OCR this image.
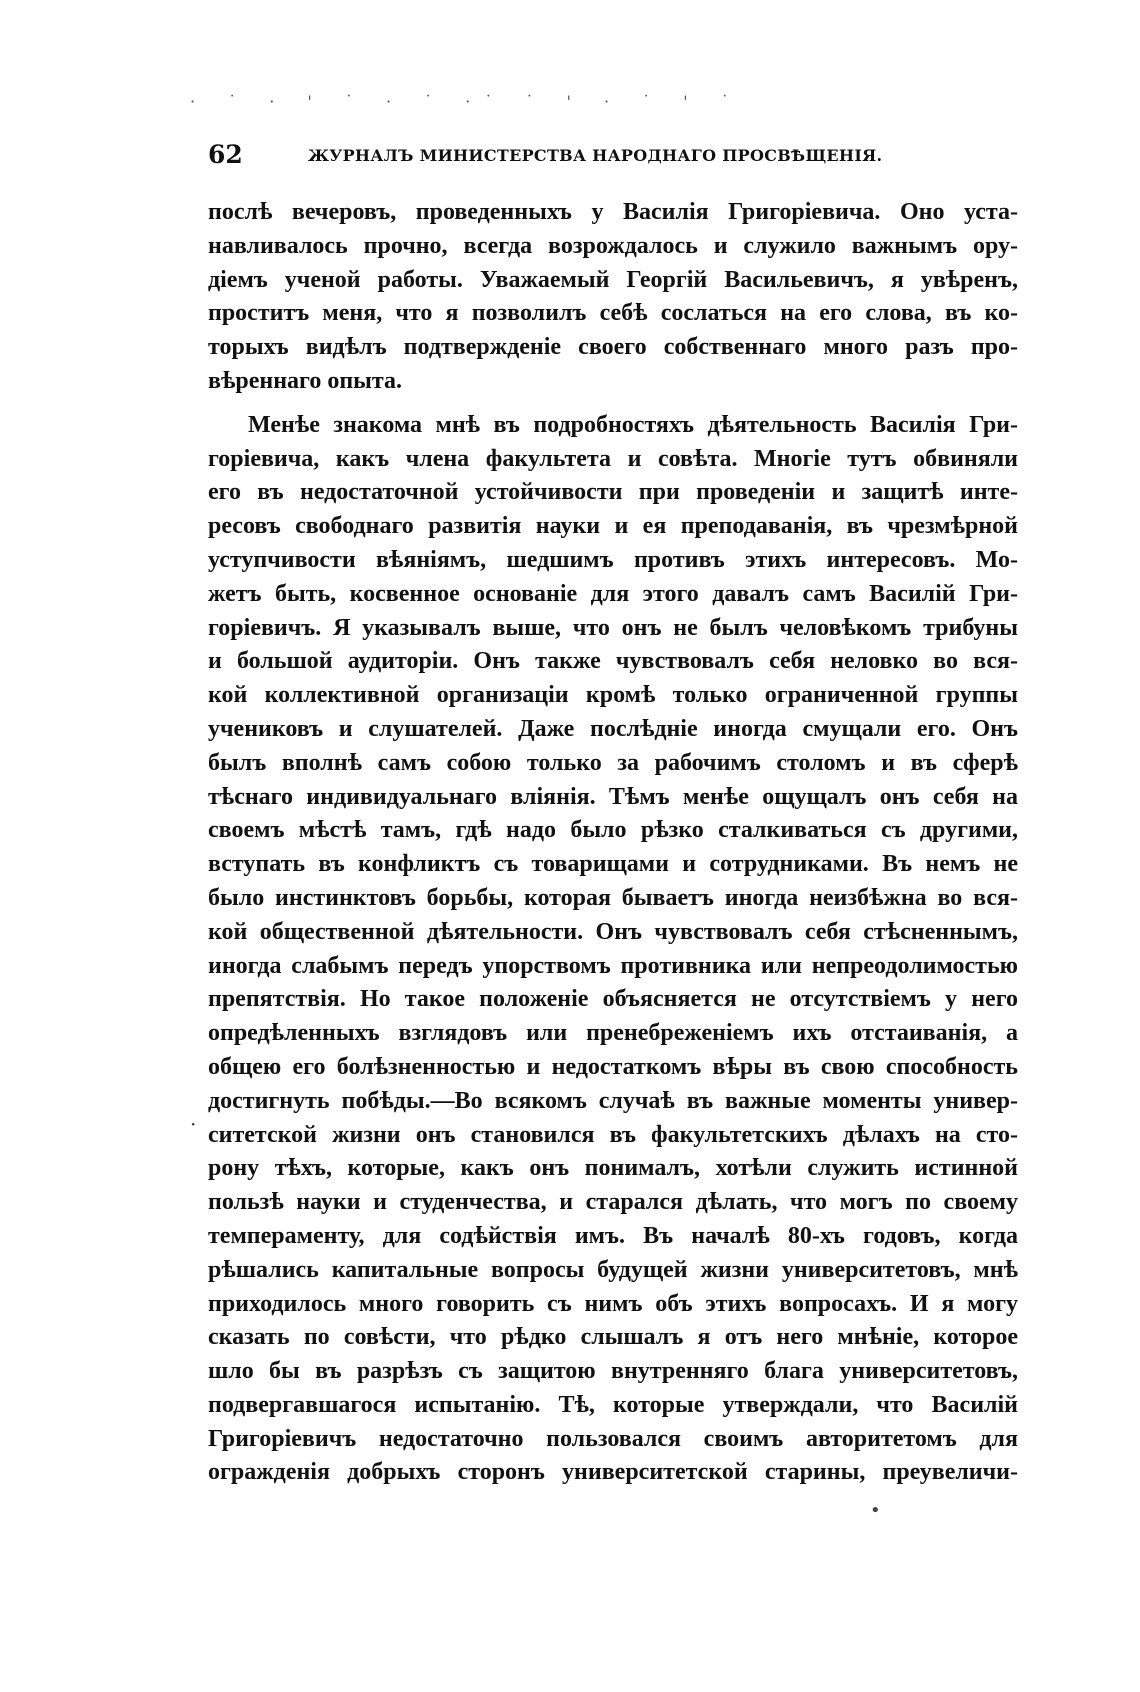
· ˙ · ' ˙ · ˙ ·˙ ˙ ' · ˙ ' ˙
62	ЖУРНАЛЪ МИНИСТЕРСТВА НАРОДНАГО ПРОСВѢЩЕНІЯ.
послѣ вечеровъ, проведенныхъ у Василія Григоріевича. Оно уста-
навливалось прочно, всегда возрождалось и служило важнымъ ору-
діемъ ученой работы. Уважаемый Георгій Васильевичъ, я увѣренъ,
проститъ меня, что я позволилъ себѣ сослаться на его слова, въ ко-
торыхъ видѣлъ подтвержденіе своего собственнаго много разъ про-
вѣреннаго опыта.
Менѣе знакома мнѣ въ подробностяхъ дѣятельность Василія Гри-
горіевича, какъ члена факультета и совѣта. Многіе тутъ обвиняли
его въ недостаточной устойчивости при проведеніи и защитѣ инте-
ресовъ свободнаго развитія науки и ея преподаванія, въ чрезмѣрной
уступчивости вѣяніямъ, шедшимъ противъ этихъ интересовъ. Мо-
жетъ быть, косвенное основаніе для этого давалъ самъ Василій Гри-
горіевичъ. Я указывалъ выше, что онъ не былъ человѣкомъ трибуны
и большой аудиторіи. Онъ также чувствовалъ себя неловко во вся-
кой коллективной организаціи кромѣ только ограниченной группы
учениковъ и слушателей. Даже послѣдніе иногда смущали его. Онъ
былъ вполнѣ самъ собою только за рабочимъ столомъ и въ сферѣ
тѣснаго индивидуальнаго вліянія. Тѣмъ менѣе ощущалъ онъ себя на
своемъ мѣстѣ тамъ, гдѣ надо было рѣзко сталкиваться съ другими,
вступать въ конфликтъ съ товарищами и сотрудниками. Въ немъ не
было инстинктовъ борьбы, которая бываетъ иногда неизбѣжна во вся-
кой общественной дѣятельности. Онъ чувствовалъ себя стѣсненнымъ,
иногда слабымъ передъ упорствомъ противника или непреодолимостью
препятствія. Но такое положеніе объясняется не отсутствіемъ у него
опредѣленныхъ взглядовъ или пренебреженіемъ ихъ отстаиванія, а
общею его болѣзненностью и недостаткомъ вѣры въ свою способность
достигнуть побѣды.—Во всякомъ случаѣ въ важные моменты универ-
ситетской жизни онъ становился въ факультетскихъ дѣлахъ на сто-
рону тѣхъ, которые, какъ онъ понималъ, хотѣли служить истинной
пользѣ науки и студенчества, и старался дѣлать, что могъ по своему
темпераменту, для содѣйствія имъ. Въ началѣ 80-хъ годовъ, когда
рѣшались капитальные вопросы будущей жизни университетовъ, мнѣ
приходилось много говорить съ нимъ объ этихъ вопросахъ. И я могу
сказать по совѣсти, что рѣдко слышалъ я отъ него мнѣніе, которое
шло бы въ разрѣзъ съ защитою внутренняго блага университетовъ,
подвергавшагося испытанію. Тѣ, которые утверждали, что Василій
Григоріевичъ недостаточно пользовался своимъ авторитетомъ для
огражденія добрыхъ сторонъ университетской старины, преувеличи-
·
•
